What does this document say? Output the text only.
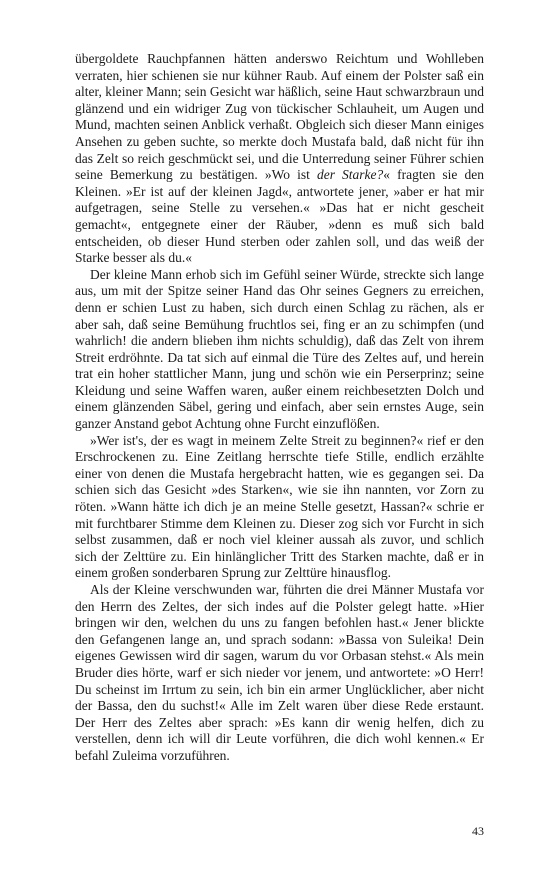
übergoldete Rauchpfannen hätten anderswo Reichtum und Wohlleben verraten, hier schienen sie nur kühner Raub. Auf einem der Polster saß ein alter, kleiner Mann; sein Gesicht war häßlich, seine Haut schwarzbraun und glänzend und ein widriger Zug von tückischer Schlauheit, um Augen und Mund, machten seinen Anblick verhaßt. Obgleich sich dieser Mann einiges Ansehen zu geben suchte, so merkte doch Mustafa bald, daß nicht für ihn das Zelt so reich geschmückt sei, und die Unterredung seiner Führer schien seine Bemerkung zu bestätigen. »Wo ist der Starke?« fragten sie den Kleinen. »Er ist auf der kleinen Jagd«, antwortete jener, »aber er hat mir aufgetragen, seine Stelle zu versehen.« »Das hat er nicht gescheit gemacht«, entgegnete einer der Räuber, »denn es muß sich bald entscheiden, ob dieser Hund sterben oder zahlen soll, und das weiß der Starke besser als du.«

Der kleine Mann erhob sich im Gefühl seiner Würde, streckte sich lange aus, um mit der Spitze seiner Hand das Ohr seines Gegners zu erreichen, denn er schien Lust zu haben, sich durch einen Schlag zu rächen, als er aber sah, daß seine Bemühung fruchtlos sei, fing er an zu schimpfen (und wahrlich! die andern blieben ihm nichts schuldig), daß das Zelt von ihrem Streit erdröhnte. Da tat sich auf einmal die Türe des Zeltes auf, und herein trat ein hoher stattlicher Mann, jung und schön wie ein Perserprinz; seine Kleidung und seine Waffen waren, außer einem reichbesetzten Dolch und einem glänzenden Säbel, gering und einfach, aber sein ernstes Auge, sein ganzer Anstand gebot Achtung ohne Furcht einzuflößen.

»Wer ist's, der es wagt in meinem Zelte Streit zu beginnen?« rief er den Erschrockenen zu. Eine Zeitlang herrschte tiefe Stille, endlich erzählte einer von denen die Mustafa hergebracht hatten, wie es gegangen sei. Da schien sich das Gesicht »des Starken«, wie sie ihn nannten, vor Zorn zu röten. »Wann hätte ich dich je an meine Stelle gesetzt, Hassan?« schrie er mit furchtbarer Stimme dem Kleinen zu. Dieser zog sich vor Furcht in sich selbst zusammen, daß er noch viel kleiner aussah als zuvor, und schlich sich der Zelttüre zu. Ein hinlänglicher Tritt des Starken machte, daß er in einem großen sonderbaren Sprung zur Zelttüre hinausflog.

Als der Kleine verschwunden war, führten die drei Männer Mustafa vor den Herrn des Zeltes, der sich indes auf die Polster gelegt hatte. »Hier bringen wir den, welchen du uns zu fangen befohlen hast.« Jener blickte den Gefangenen lange an, und sprach sodann: »Bassa von Suleika! Dein eigenes Gewissen wird dir sagen, warum du vor Orbasan stehst.« Als mein Bruder dies hörte, warf er sich nieder vor jenem, und antwortete: »O Herr! Du scheinst im Irrtum zu sein, ich bin ein armer Unglücklicher, aber nicht der Bassa, den du suchst!« Alle im Zelt waren über diese Rede erstaunt. Der Herr des Zeltes aber sprach: »Es kann dir wenig helfen, dich zu verstellen, denn ich will dir Leute vorführen, die dich wohl kennen.« Er befahl Zuleima vorzuführen.

43
